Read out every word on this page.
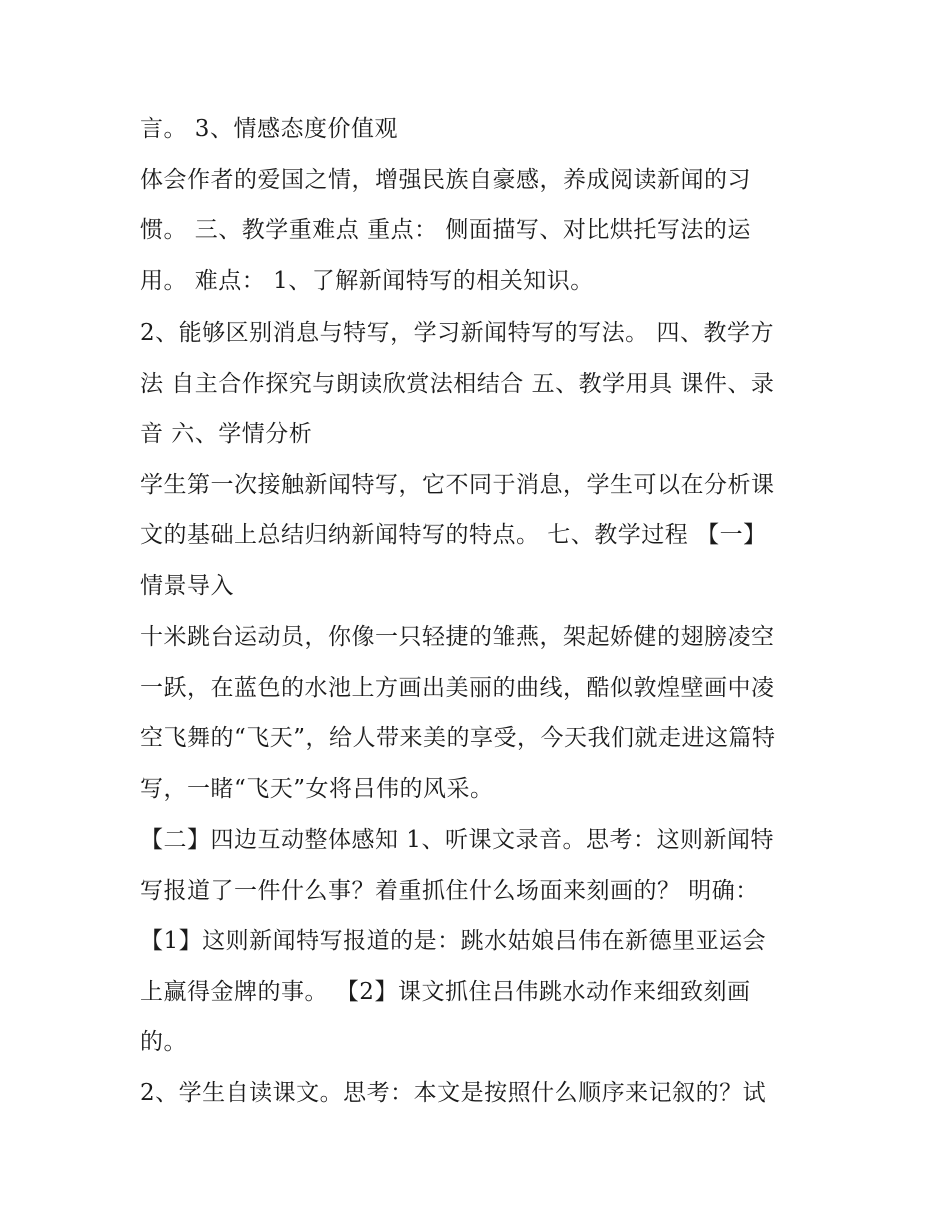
言。 3、情感态度价值观
体会作者的爱国之情，增强民族自豪感，养成阅读新闻的习
惯。 三、教学重难点 重点： 侧面描写、对比烘托写法的运
用。 难点： 1、了解新闻特写的相关知识。
2、能够区别消息与特写，学习新闻特写的写法。 四、教学方
法 自主合作探究与朗读欣赏法相结合 五、教学用具 课件、录
音 六、学情分析
学生第一次接触新闻特写，它不同于消息，学生可以在分析课
文的基础上总结归纳新闻特写的特点。 七、教学过程 【一】
情景导入
十米跳台运动员，你像一只轻捷的雏燕，架起娇健的翅膀凌空
一跃，在蓝色的水池上方画出美丽的曲线，酷似敦煌壁画中凌
空飞舞的“飞天”，给人带来美的享受，今天我们就走进这篇特
写，一睹“飞天”女将吕伟的风采。
【二】四边互动整体感知 1、听课文录音。思考：这则新闻特
写报道了一件什么事？着重抓住什么场面来刻画的？ 明确：
【1】这则新闻特写报道的是：跳水姑娘吕伟在新德里亚运会
上赢得金牌的事。 【2】课文抓住吕伟跳水动作来细致刻画
的。
2、学生自读课文。思考：本文是按照什么顺序来记叙的？试
